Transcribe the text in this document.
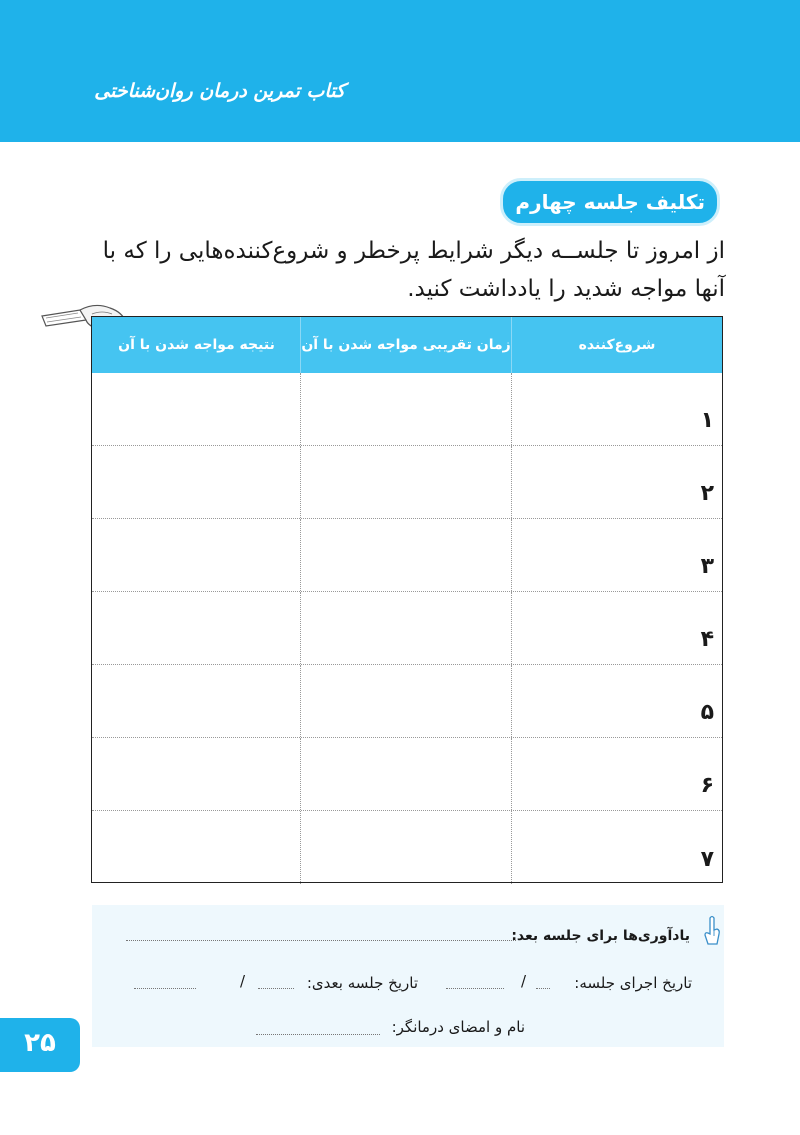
کتاب تمرین درمان روان‌شناختی
تکلیف جلسه چهارم
از امروز تا جلســه دیگر شرایط پرخطر و شروع‌کننده‌هایی را که با آنها مواجه شدید را یادداشت کنید.
شروع‌کننده
زمان تقریبی مواجه شدن با آن
نتیجه مواجه شدن با آن
۱
۲
۳
۴
۵
۶
۷
یادآوری‌ها برای جلسه بعد:
تاریخ اجرای جلسه:
/
تاریخ جلسه بعدی:
/
نام و امضای درمانگر:
۲۵
